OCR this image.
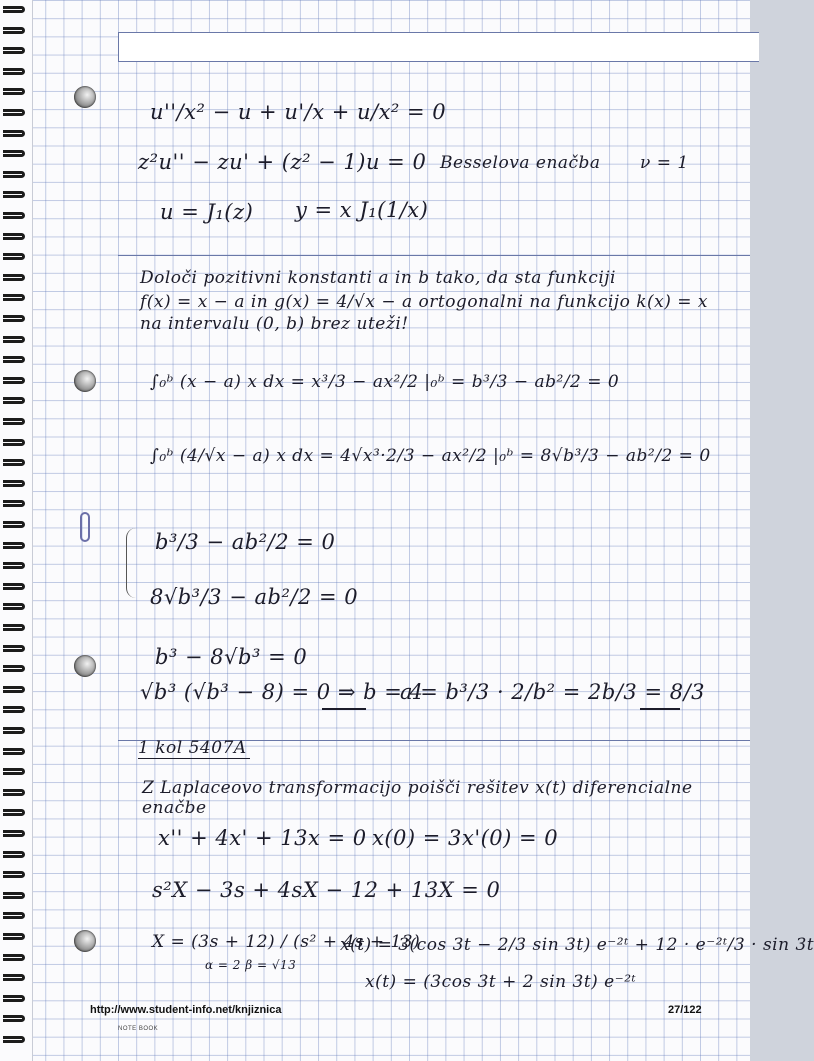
u''/x² − u + u'/x + u/x² = 0

z²u'' − zu' + (z² − 1)u = 0 Besselova enačba ν = 1

u = J₁(z) y = x J₁(1/x)

Določi pozitivni konstanti a in b tako, da sta funkciji

f(x) = x − a in g(x) = 4/√x − a ortogonalni na funkcijo k(x) = x

na intervalu (0, b) brez uteži!

∫₀ᵇ (x − a) x dx = x³/3 − ax²/2 |₀ᵇ = b³/3 − ab²/2 = 0

∫₀ᵇ (4/√x − a) x dx = 4√x³·2/3 − ax²/2 |₀ᵇ = 8√b³/3 − ab²/2 = 0

b³/3 − ab²/2 = 0

8√b³/3 − ab²/2 = 0

b³ − 8√b³ = 0

√b³ (√b³ − 8) = 0 ⇒ b = 4

a = b³/3 · 2/b² = 2b/3 = 8/3

1 kol 5407A

Z Laplaceovo transformacijo poišči rešitev x(t) diferencialne

enačbe

x'' + 4x' + 13x = 0 x(0) = 3 x'(0) = 0

s²X − 3s + 4sX − 12 + 13X = 0

X = (3s + 12) / (s² + 4s + 13)

α = 2 β = √13

x(t) = 3(cos 3t − 2/3 sin 3t) e⁻²ᵗ + 12 · e⁻²ᵗ/3 · sin 3t

x(t) = (3cos 3t + 2 sin 3t) e⁻²ᵗ

http://www.student-info.net/knjiznica	27/122
NOTE BOOK
